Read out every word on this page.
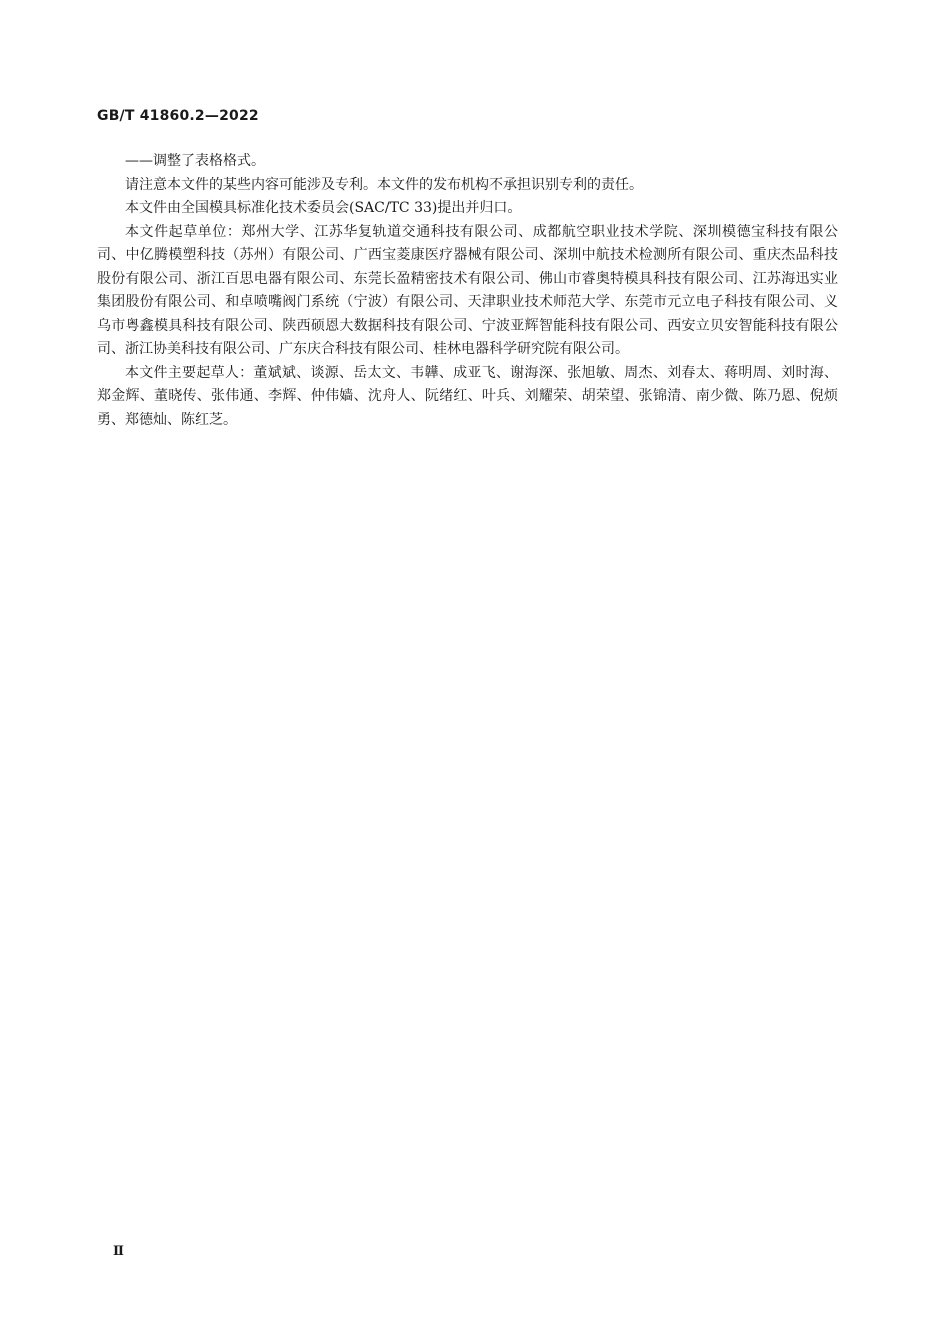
GB/T 41860.2—2022

——调整了表格格式。

请注意本文件的某些内容可能涉及专利。本文件的发布机构不承担识别专利的责任。

本文件由全国模具标准化技术委员会(SAC/TC 33)提出并归口。

本文件起草单位：郑州大学、江苏华复轨道交通科技有限公司、成都航空职业技术学院、深圳模德宝科技有限公司、中亿腾模塑科技（苏州）有限公司、广西宝菱康医疗器械有限公司、深圳中航技术检测所有限公司、重庆杰品科技股份有限公司、浙江百思电器有限公司、东莞长盈精密技术有限公司、佛山市睿奥特模具科技有限公司、江苏海迅实业集团股份有限公司、和卓喷嘴阀门系统（宁波）有限公司、天津职业技术师范大学、东莞市元立电子科技有限公司、义乌市粤鑫模具科技有限公司、陕西硕恩大数据科技有限公司、宁波亚辉智能科技有限公司、西安立贝安智能科技有限公司、浙江协美科技有限公司、广东庆合科技有限公司、桂林电器科学研究院有限公司。

本文件主要起草人：董斌斌、谈源、岳太文、韦韡、成亚飞、谢海深、张旭敏、周杰、刘春太、蒋明周、刘时海、郑金辉、董晓传、张伟通、李辉、仲伟嫱、沈舟人、阮绪红、叶兵、刘耀荣、胡荣望、张锦清、南少微、陈乃恩、倪烦勇、郑德灿、陈红芝。

Ⅱ
